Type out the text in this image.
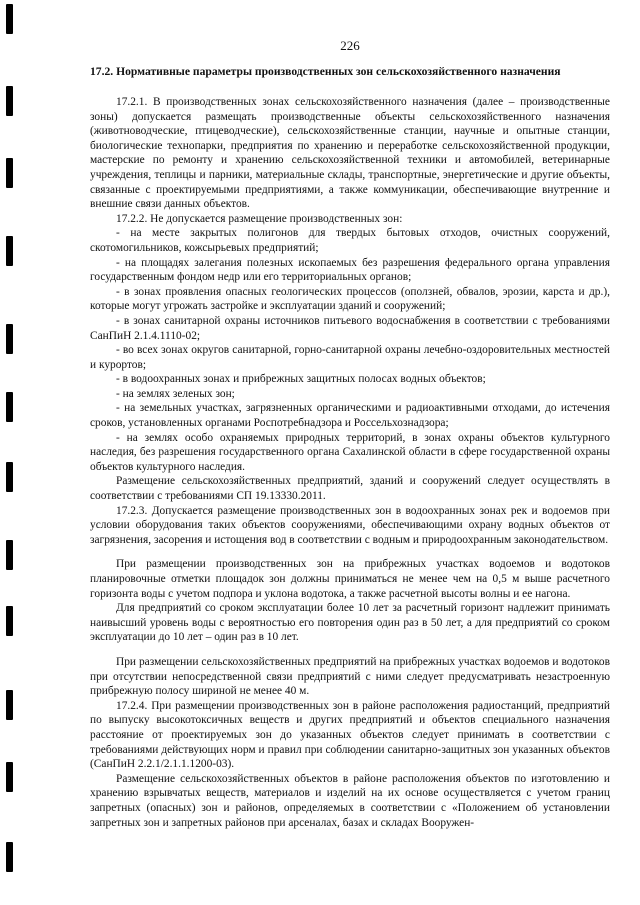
226
17.2. Нормативные параметры производственных зон сельскохозяйственного назначения

17.2.1. В производственных зонах сельскохозяйственного назначения (далее – производственные зоны) допускается размещать производственные объекты сельскохозяйственного назначения (животноводческие, птицеводческие), сельскохозяйственные станции, научные и опытные станции, биологические технопарки, предприятия по хранению и переработке сельскохозяйственной продукции, мастерские по ремонту и хранению сельскохозяйственной техники и автомобилей, ветеринарные учреждения, теплицы и парники, материальные склады, транспортные, энергетические и другие объекты, связанные с проектируемыми предприятиями, а также коммуникации, обеспечивающие внутренние и внешние связи данных объектов.

17.2.2. Не допускается размещение производственных зон:

- на месте закрытых полигонов для твердых бытовых отходов, очистных сооружений, скотомогильников, кожсырьевых предприятий;

- на площадях залегания полезных ископаемых без разрешения федерального органа управления государственным фондом недр или его территориальных органов;

- в зонах проявления опасных геологических процессов (оползней, обвалов, эрозии, карста и др.), которые могут угрожать застройке и эксплуатации зданий и сооружений;

- в зонах санитарной охраны источников питьевого водоснабжения в соответствии с требованиями СанПиН 2.1.4.1110-02;

- во всех зонах округов санитарной, горно-санитарной охраны лечебно-оздоровительных местностей и курортов;

- в водоохранных зонах и прибрежных защитных полосах водных объектов;

- на землях зеленых зон;

- на земельных участках, загрязненных органическими и радиоактивными отходами, до истечения сроков, установленных органами Роспотребнадзора и Россельхознадзора;

- на землях особо охраняемых природных территорий, в зонах охраны объектов культурного наследия, без разрешения государственного органа Сахалинской области в сфере государственной охраны объектов культурного наследия.

Размещение сельскохозяйственных предприятий, зданий и сооружений следует осуществлять в соответствии с требованиями СП 19.13330.2011.

17.2.3. Допускается размещение производственных зон в водоохранных зонах рек и водоемов при условии оборудования таких объектов сооружениями, обеспечивающими охрану водных объектов от загрязнения, засорения и истощения вод в соответствии с водным и природоохранным законодательством.

При размещении производственных зон на прибрежных участках водоемов и водотоков планировочные отметки площадок зон должны приниматься не менее чем на 0,5 м выше расчетного горизонта воды с учетом подпора и уклона водотока, а также расчетной высоты волны и ее нагона.

Для предприятий со сроком эксплуатации более 10 лет за расчетный горизонт надлежит принимать наивысший уровень воды с вероятностью его повторения один раз в 50 лет, а для предприятий со сроком эксплуатации до 10 лет – один раз в 10 лет.

При размещении сельскохозяйственных предприятий на прибрежных участках водоемов и водотоков при отсутствии непосредственной связи предприятий с ними следует предусматривать незастроенную прибрежную полосу шириной не менее 40 м.

17.2.4. При размещении производственных зон в районе расположения радиостанций, предприятий по выпуску высокотоксичных веществ и других предприятий и объектов специального назначения расстояние от проектируемых зон до указанных объектов следует принимать в соответствии с требованиями действующих норм и правил при соблюдении санитарно-защитных зон указанных объектов (СанПиН 2.2.1/2.1.1.1200-03).

Размещение сельскохозяйственных объектов в районе расположения объектов по изготовлению и хранению взрывчатых веществ, материалов и изделий на их основе осуществляется с учетом границ запретных (опасных) зон и районов, определяемых в соответствии с «Положением об установлении запретных зон и запретных районов при арсеналах, базах и складах Вооружен-
